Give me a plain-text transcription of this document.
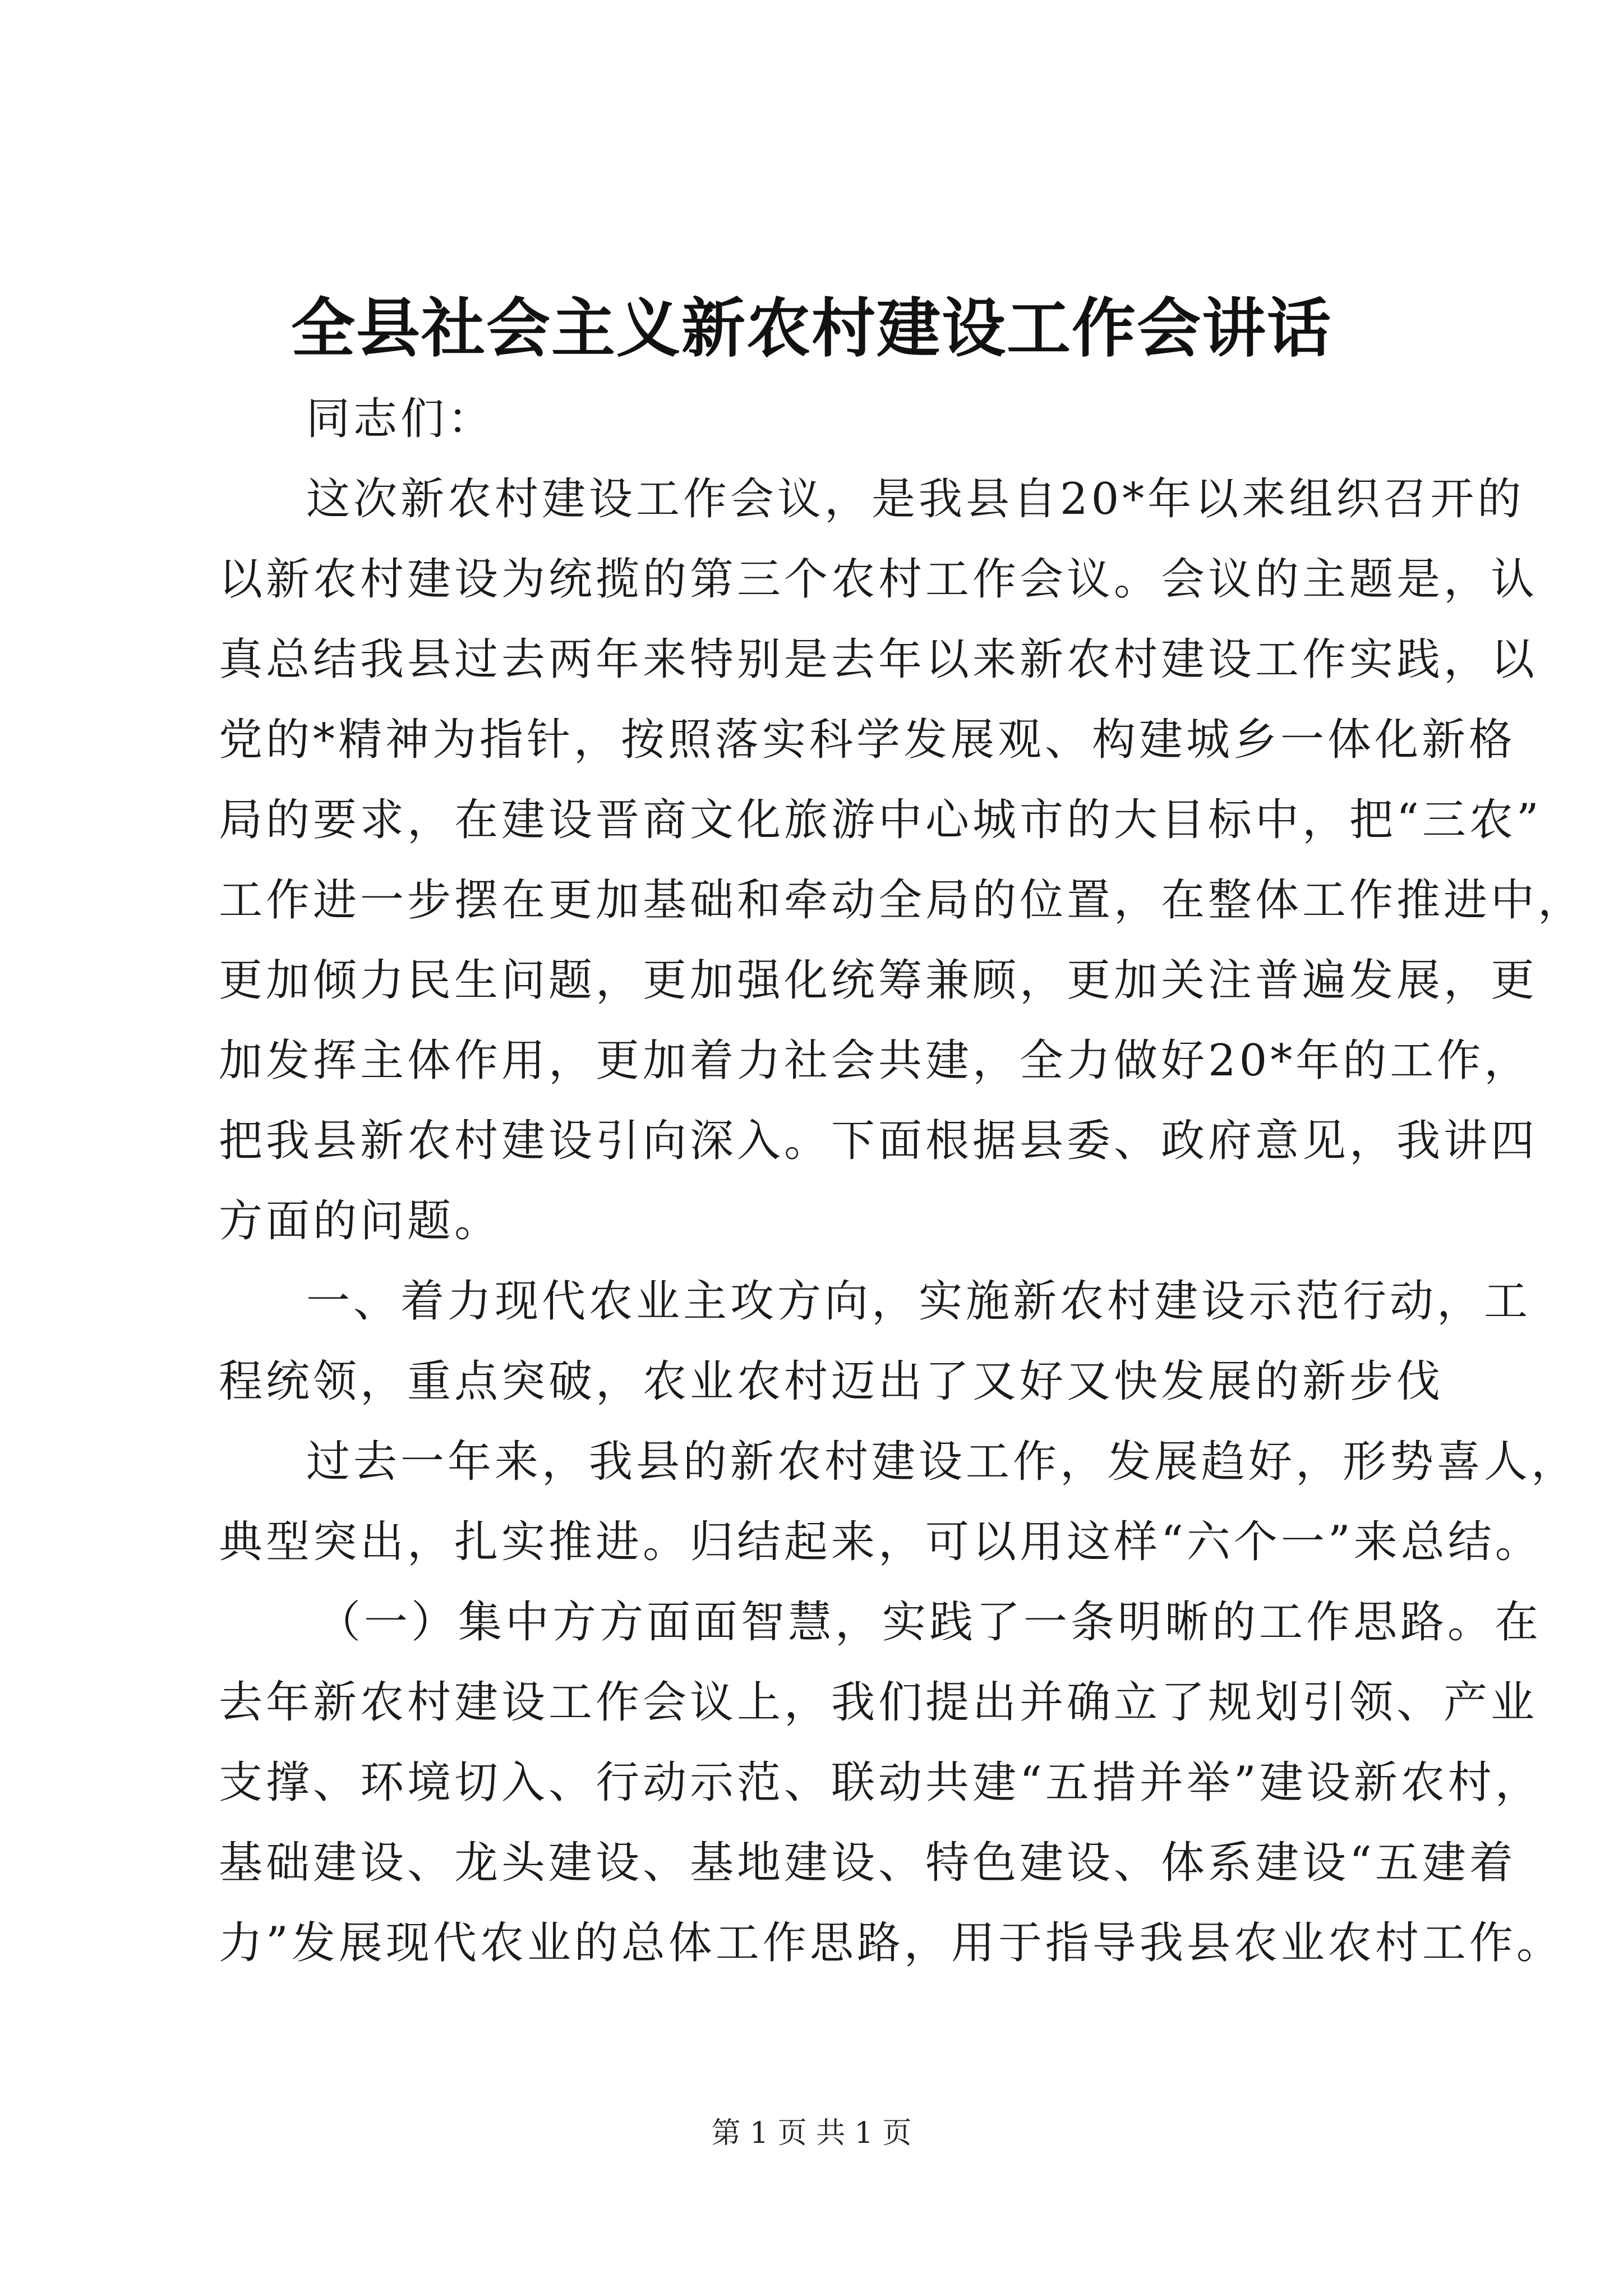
全县社会主义新农村建设工作会讲话
同志们：
这次新农村建设工作会议，是我县自20*年以来组织召开的
以新农村建设为统揽的第三个农村工作会议。会议的主题是，认
真总结我县过去两年来特别是去年以来新农村建设工作实践，以
党的*精神为指针，按照落实科学发展观、构建城乡一体化新格
局的要求，在建设晋商文化旅游中心城市的大目标中，把“三农”
工作进一步摆在更加基础和牵动全局的位置，在整体工作推进中，
更加倾力民生问题，更加强化统筹兼顾，更加关注普遍发展，更
加发挥主体作用，更加着力社会共建，全力做好20*年的工作，
把我县新农村建设引向深入。下面根据县委、政府意见，我讲四
方面的问题。
一、着力现代农业主攻方向，实施新农村建设示范行动，工
程统领，重点突破，农业农村迈出了又好又快发展的新步伐
过去一年来，我县的新农村建设工作，发展趋好，形势喜人，
典型突出，扎实推进。归结起来，可以用这样“六个一”来总结。
（一）集中方方面面智慧，实践了一条明晰的工作思路。在
去年新农村建设工作会议上，我们提出并确立了规划引领、产业
支撑、环境切入、行动示范、联动共建“五措并举”建设新农村，
基础建设、龙头建设、基地建设、特色建设、体系建设“五建着
力”发展现代农业的总体工作思路，用于指导我县农业农村工作。
第 1 页 共 1 页
